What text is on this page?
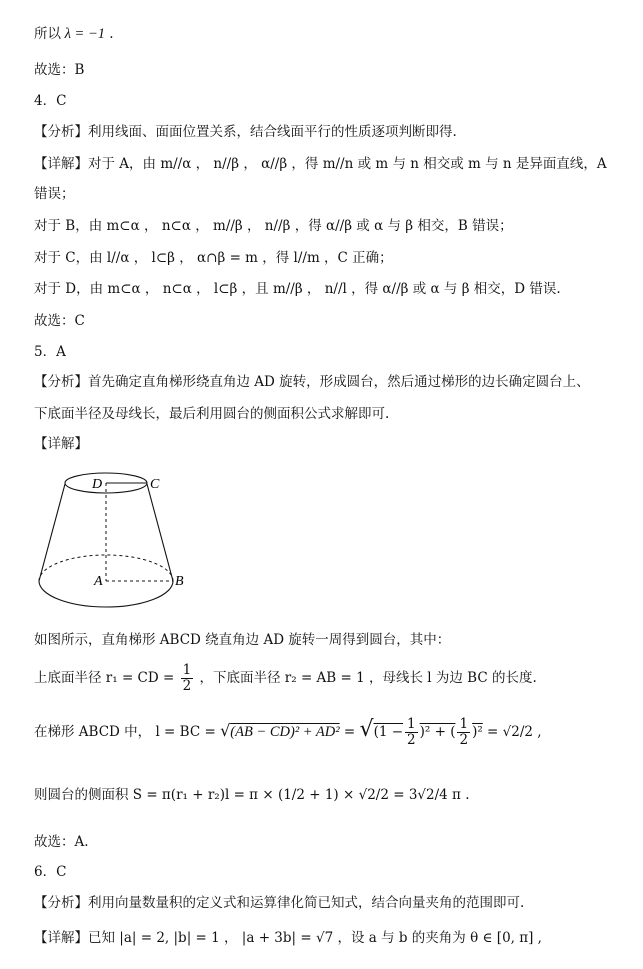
所以 λ = −1 .
故选：B
4．C
【分析】利用线面、面面位置关系，结合线面平行的性质逐项判断即得.
【详解】对于 A，由 m//α ， n//β ， α//β ，得 m//n 或 m 与 n 相交或 m 与 n 是异面直线，A
错误；
对于 B，由 m⊂α ， n⊂α ， m//β ， n//β ，得 α//β 或 α 与 β 相交，B 错误；
对于 C，由 l//α ， l⊂β ， α∩β = m ，得 l//m ，C 正确；
对于 D，由 m⊂α ， n⊂α ， l⊂β ，且 m//β ， n//l ，得 α//β 或 α 与 β 相交，D 错误.
故选：C
5．A
【分析】首先确定直角梯形绕直角边 AD 旋转，形成圆台，然后通过梯形的边长确定圆台上、
下底面半径及母线长，最后利用圆台的侧面积公式求解即可.
【详解】
D	C
A	B
如图所示，直角梯形 ABCD 绕直角边 AD 旋转一周得到圆台，其中：
上底面半径 r₁ = CD = $\frac{1}{2}$ ，下底面半径 r₂ = AB = 1 ，母线长 l 为边 BC 的长度.
在梯形 ABCD 中， l = BC = $√(AB - CD)^2 + AD^2 = √(1 - \frac{1}{2} )^2$ + ( $\frac{1}{2} )^2 = √2/2$ ,
则圆台的侧面积 S = π(r₁ + r₂)l = π × (1/2 + 1) × √2/2 = 3√2/4 π .
故选：A.
6．C
【分析】利用向量数量积的定义式和运算律化简已知式，结合向量夹角的范围即可.
【详解】已知 |a| = 2, |b| = 1 ， |a + 3b| = √7 ，设 a 与 b 的夹角为 θ ∈ [0, π] ,
